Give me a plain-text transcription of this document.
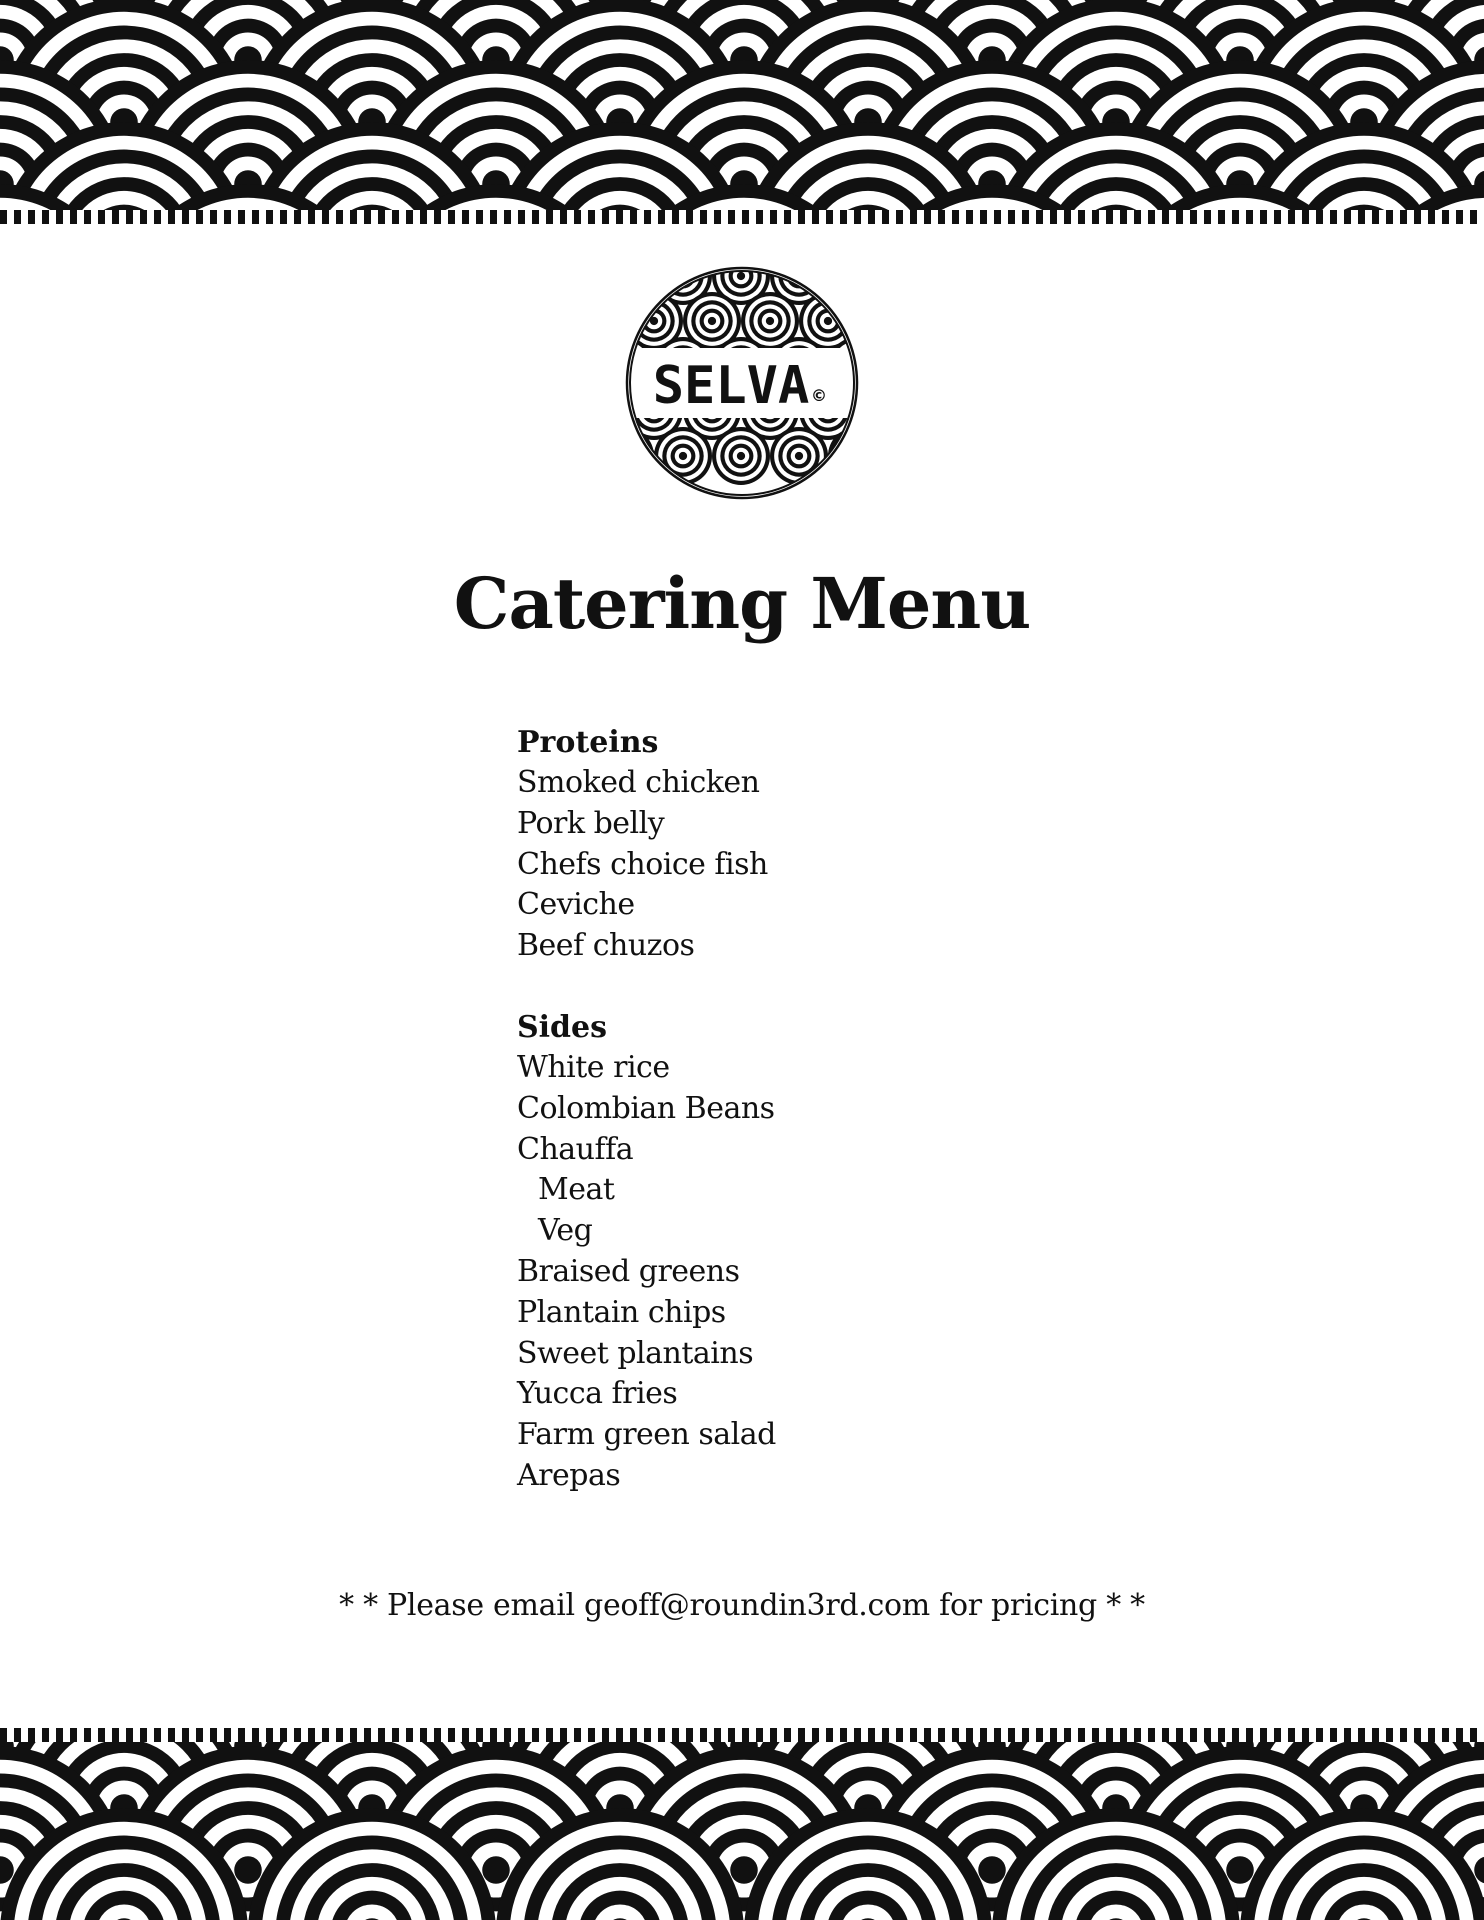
SELVA ©
Catering Menu
Proteins
Smoked chicken
Pork belly
Chefs choice fish
Ceviche
Beef chuzos
Sides
White rice
Colombian Beans
Chauffa
Meat
Veg
Braised greens
Plantain chips
Sweet plantains
Yucca fries
Farm green salad
Arepas
* * Please email geoff@roundin3rd.com for pricing * *
